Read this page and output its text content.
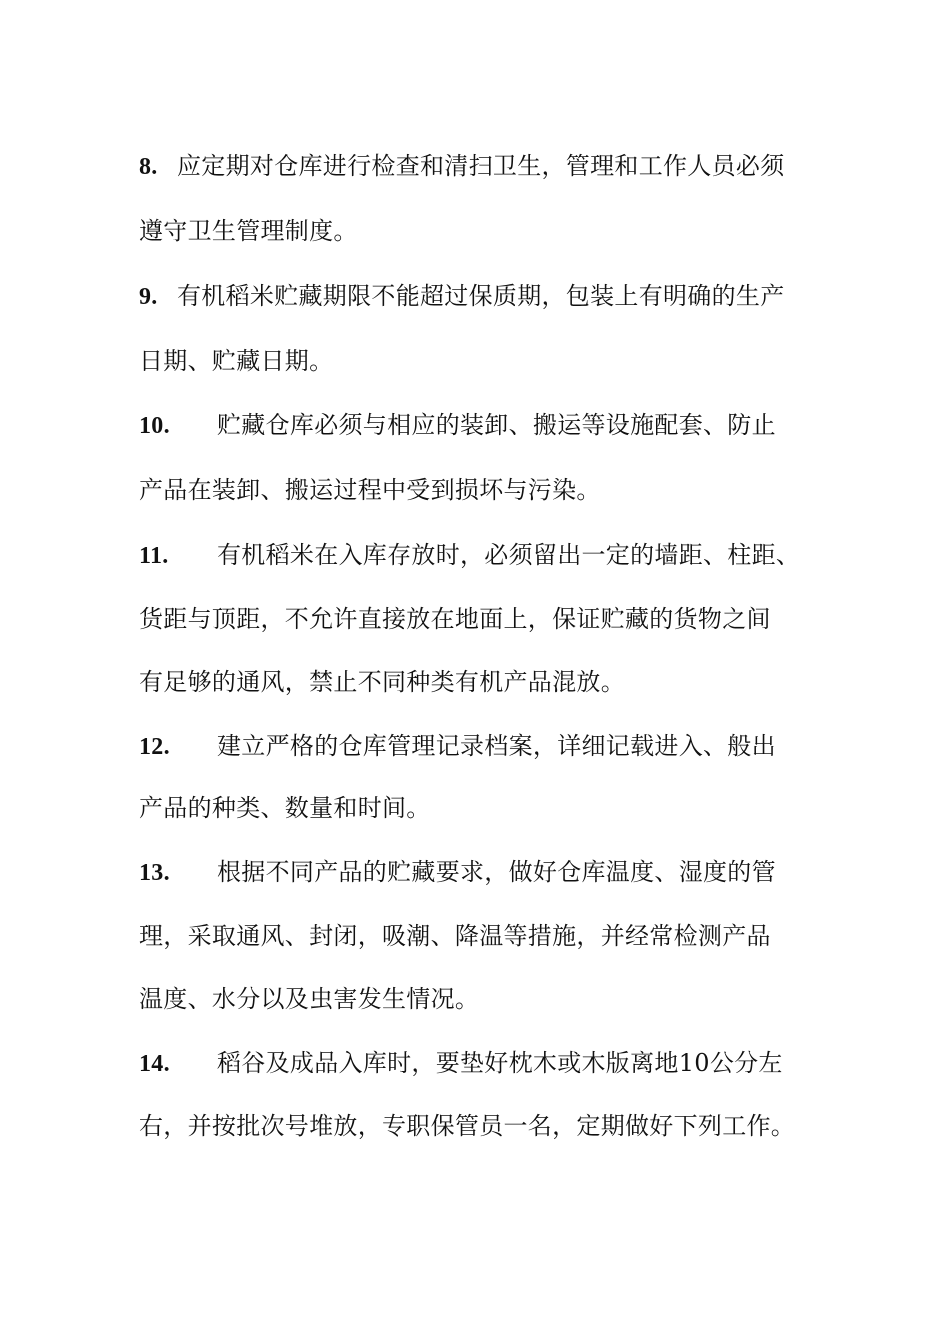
8. 应定期对仓库进行检查和清扫卫生，管理和工作人员必须
遵守卫生管理制度。
9. 有机稻米贮藏期限不能超过保质期，包装上有明确的生产
日期、贮藏日期。
10. 贮藏仓库必须与相应的装卸、搬运等设施配套、防止
产品在装卸、搬运过程中受到损坏与污染。
11. 有机稻米在入库存放时，必须留出一定的墙距、柱距、
货距与顶距，不允许直接放在地面上，保证贮藏的货物之间
有足够的通风，禁止不同种类有机产品混放。
12. 建立严格的仓库管理记录档案，详细记载进入、般出
产品的种类、数量和时间。
13. 根据不同产品的贮藏要求，做好仓库温度、湿度的管
理，采取通风、封闭，吸潮、降温等措施，并经常检测产品
温度、水分以及虫害发生情况。
14. 稻谷及成品入库时，要垫好枕木或木版离地10公分左
右，并按批次号堆放，专职保管员一名，定期做好下列工作。
